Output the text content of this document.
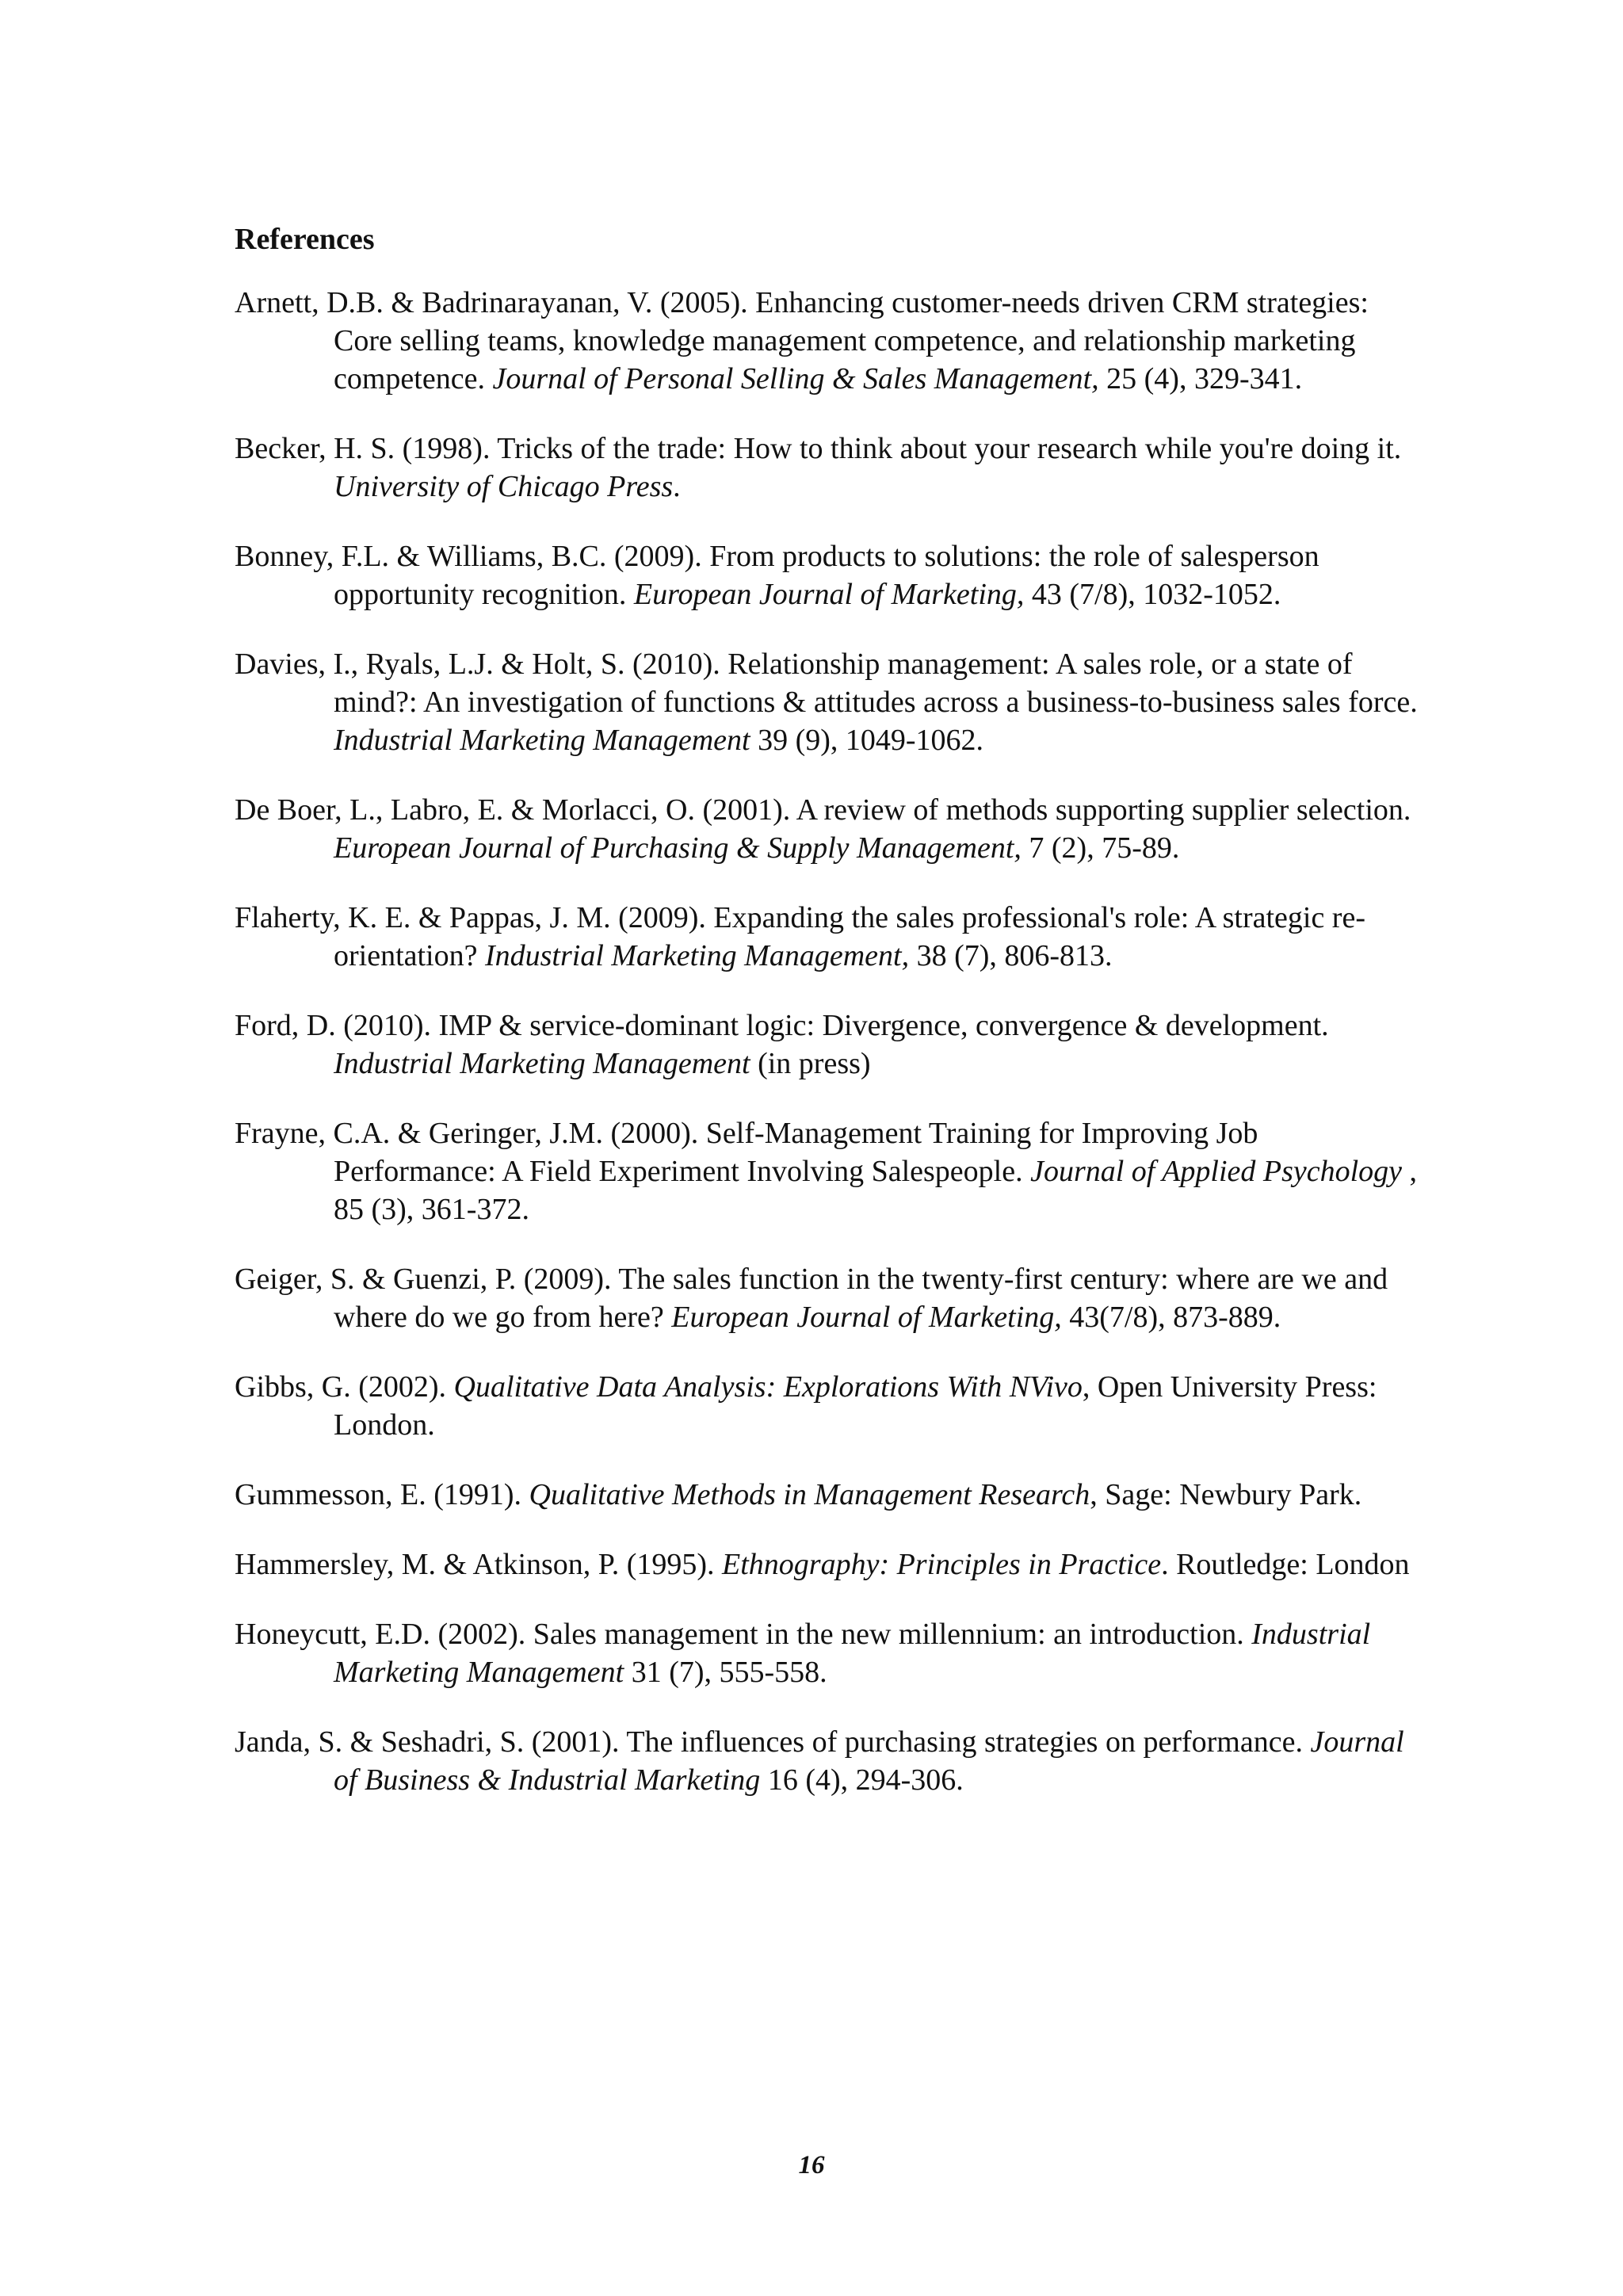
References
Arnett, D.B. & Badrinarayanan, V. (2005). Enhancing customer-needs driven CRM strategies: Core selling teams, knowledge management competence, and relationship marketing competence. Journal of Personal Selling & Sales Management, 25 (4), 329-341.
Becker, H. S. (1998). Tricks of the trade: How to think about your research while you're doing it. University of Chicago Press.
Bonney, F.L. & Williams, B.C. (2009). From products to solutions: the role of salesperson opportunity recognition. European Journal of Marketing, 43 (7/8), 1032-1052.
Davies, I., Ryals, L.J. & Holt, S. (2010). Relationship management: A sales role, or a state of mind?: An investigation of functions & attitudes across a business-to-business sales force. Industrial Marketing Management 39 (9), 1049-1062.
De Boer, L., Labro, E. & Morlacci, O. (2001). A review of methods supporting supplier selection. European Journal of Purchasing & Supply Management, 7 (2), 75-89.
Flaherty, K. E. & Pappas, J. M. (2009). Expanding the sales professional's role: A strategic re-orientation? Industrial Marketing Management, 38 (7), 806-813.
Ford, D. (2010). IMP & service-dominant logic: Divergence, convergence & development. Industrial Marketing Management (in press)
Frayne, C.A. & Geringer, J.M. (2000). Self-Management Training for Improving Job Performance: A Field Experiment Involving Salespeople. Journal of Applied Psychology , 85 (3), 361-372.
Geiger, S. & Guenzi, P. (2009). The sales function in the twenty-first century: where are we and where do we go from here? European Journal of Marketing, 43(7/8), 873-889.
Gibbs, G. (2002). Qualitative Data Analysis: Explorations With NVivo, Open University Press: London.
Gummesson, E. (1991). Qualitative Methods in Management Research, Sage: Newbury Park.
Hammersley, M. & Atkinson, P. (1995). Ethnography: Principles in Practice. Routledge: London
Honeycutt, E.D. (2002). Sales management in the new millennium: an introduction. Industrial Marketing Management 31 (7), 555-558.
Janda, S. & Seshadri, S. (2001). The influences of purchasing strategies on performance. Journal of Business & Industrial Marketing 16 (4), 294-306.
16
